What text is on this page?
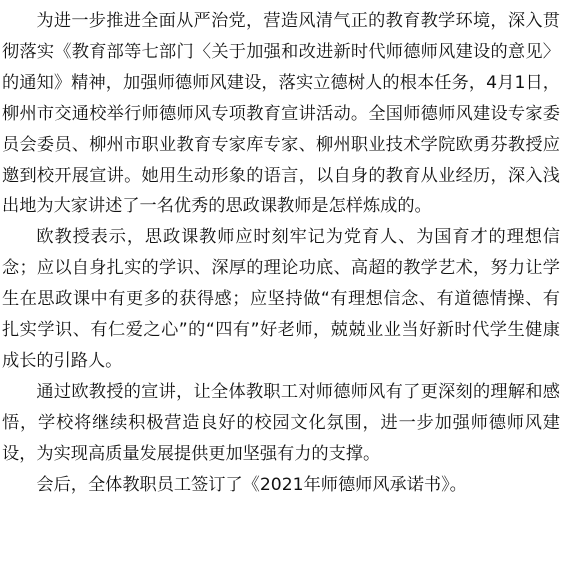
为进一步推进全面从严治党，营造风清气正的教育教学环境，深入贯彻落实《教育部等七部门〈关于加强和改进新时代师德师风建设的意见〉的通知》精神，加强师德师风建设，落实立德树人的根本任务，4月1日，柳州市交通校举行师德师风专项教育宣讲活动。全国师德师风建设专家委员会委员、柳州市职业教育专家库专家、柳州职业技术学院欧勇芬教授应邀到校开展宣讲。她用生动形象的语言，以自身的教育从业经历，深入浅出地为大家讲述了一名优秀的思政课教师是怎样炼成的。

欧教授表示，思政课教师应时刻牢记为党育人、为国育才的理想信念；应以自身扎实的学识、深厚的理论功底、高超的教学艺术，努力让学生在思政课中有更多的获得感；应坚持做“有理想信念、有道德情操、有扎实学识、有仁爱之心”的“四有”好老师，兢兢业业当好新时代学生健康成长的引路人。

通过欧教授的宣讲，让全体教职工对师德师风有了更深刻的理解和感悟，学校将继续积极营造良好的校园文化氛围，进一步加强师德师风建设，为实现高质量发展提供更加坚强有力的支撑。

会后，全体教职员工签订了《2021年师德师风承诺书》。
